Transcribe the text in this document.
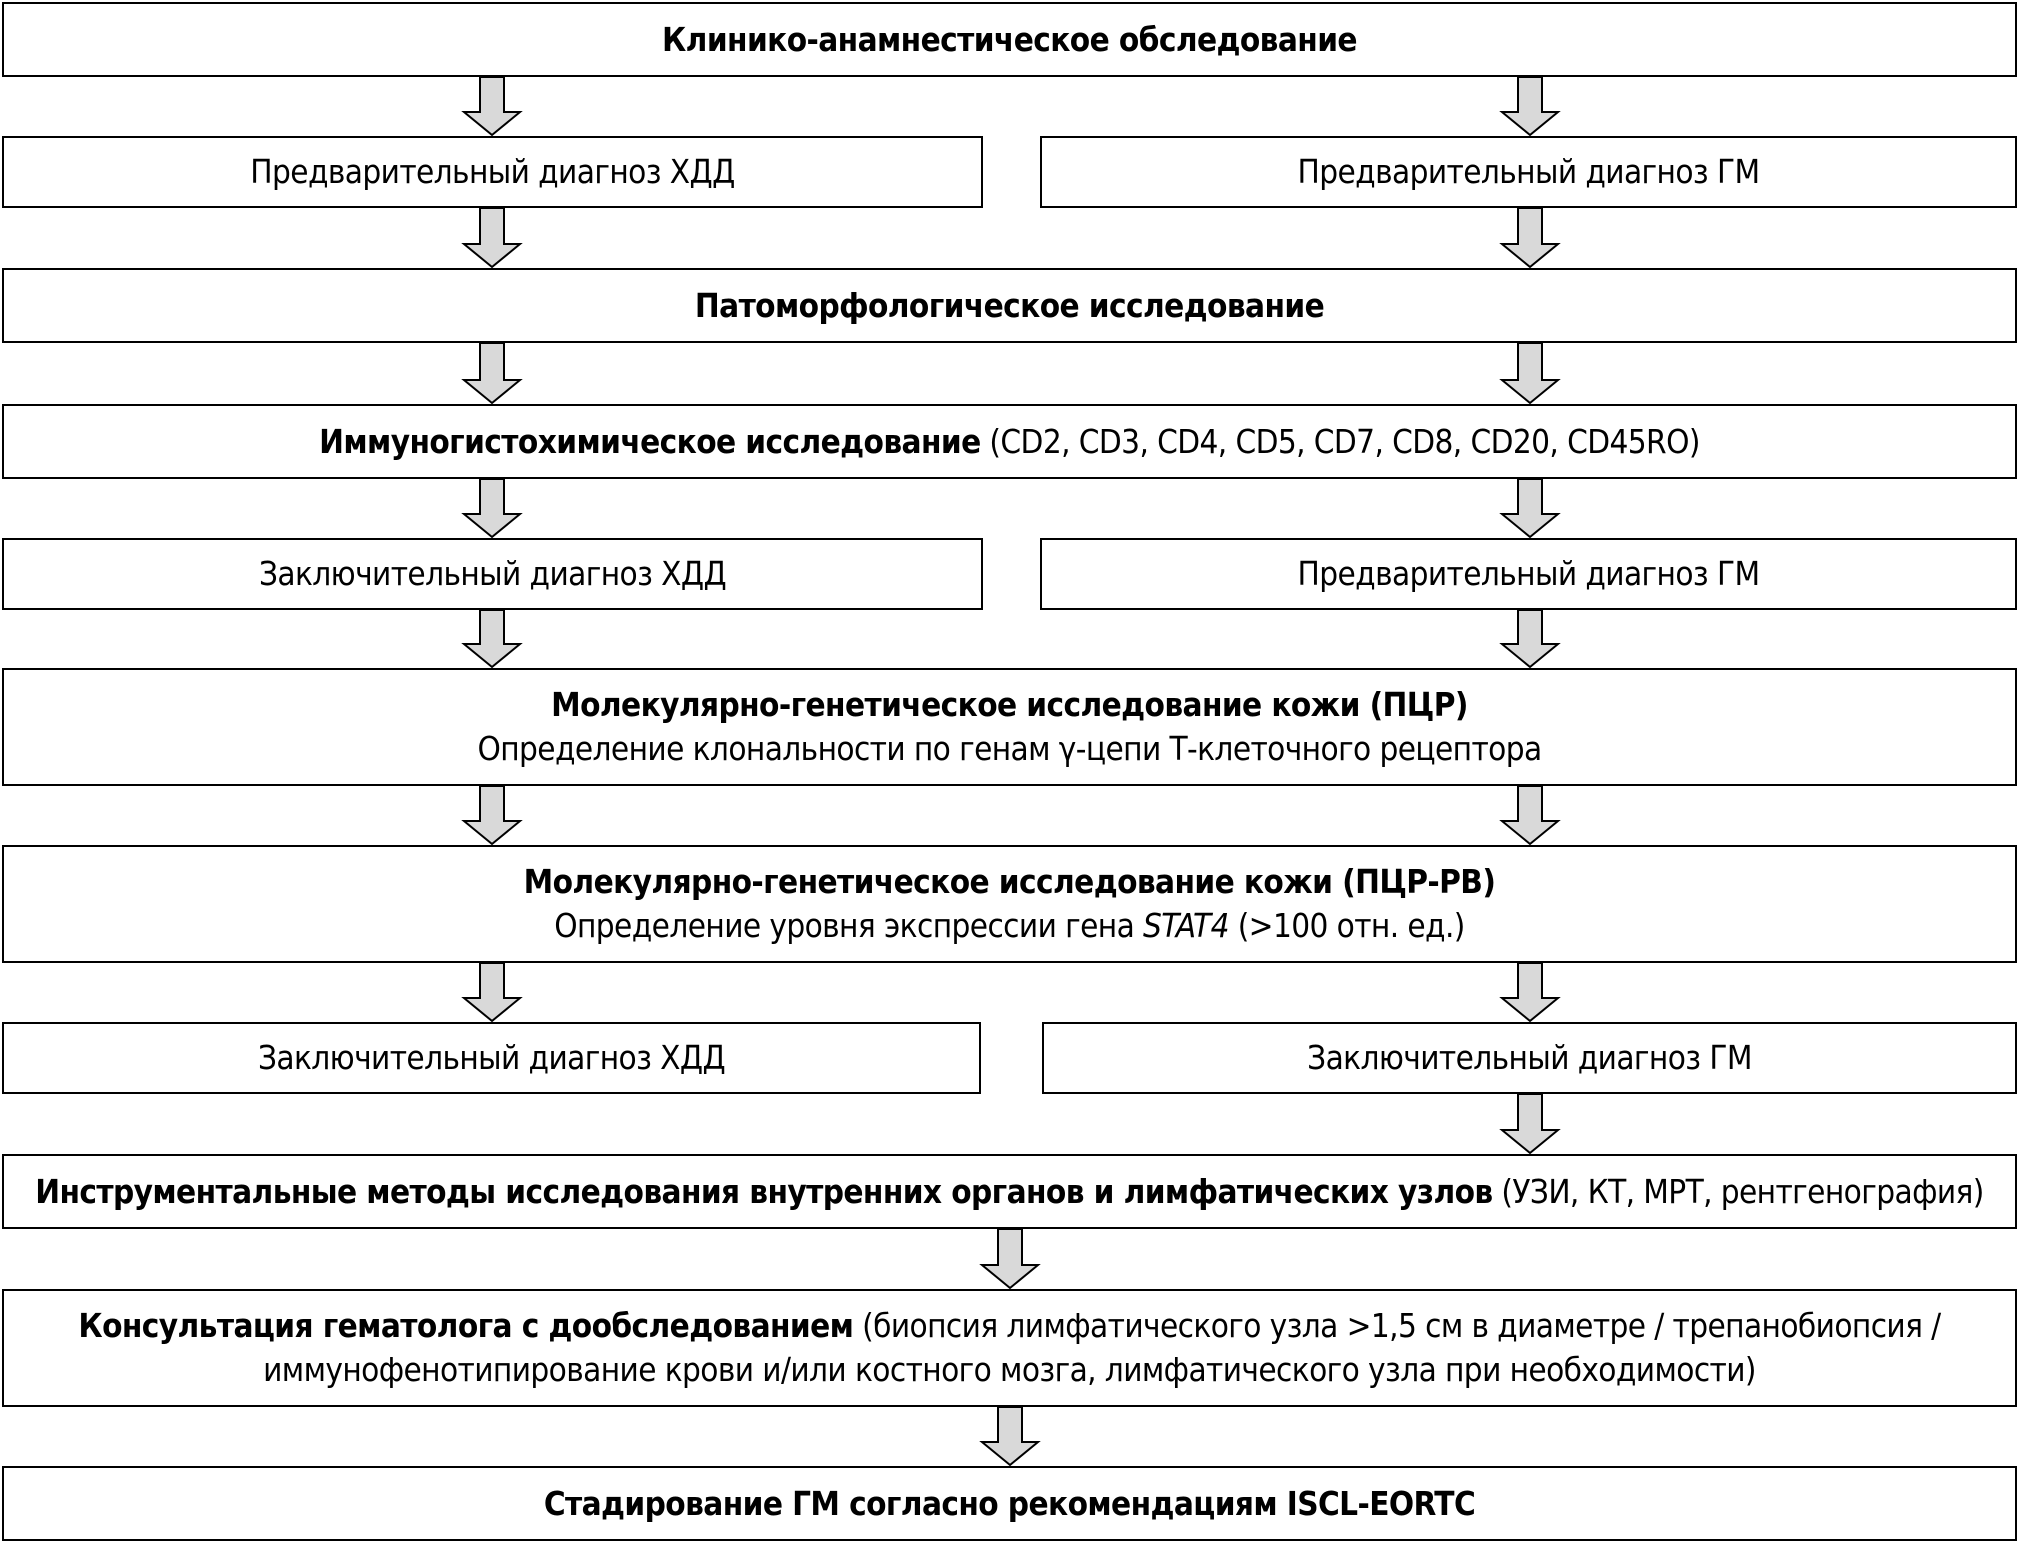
Клинико-анамнестическое обследование
Предварительный диагноз ХДД	Предварительный диагноз ГМ
Патоморфологическое исследование
Иммуногистохимическое исследование (CD2, CD3, CD4, CD5, CD7, CD8, CD20, CD45RO)
Заключительный диагноз ХДД	Предварительный диагноз ГМ
Молекулярно-генетическое исследование кожи (ПЦР)
Определение клональности по генам γ-цепи Т-клеточного рецептора
Молекулярно-генетическое исследование кожи (ПЦР-РВ)
Определение уровня экспрессии гена STAT4 (>100 отн. ед.)
Заключительный диагноз ХДД	Заключительный диагноз ГМ
Инструментальные методы исследования внутренних органов и лимфатических узлов (УЗИ, КТ, МРТ, рентгенография)
Консультация гематолога с дообследованием (биопсия лимфатического узла >1,5 см в диаметре / трепанобиопсия /
иммунофенотипирование крови и/или костного мозга, лимфатического узла при необходимости)
Стадирование ГМ согласно рекомендациям ISCL-EORTC
